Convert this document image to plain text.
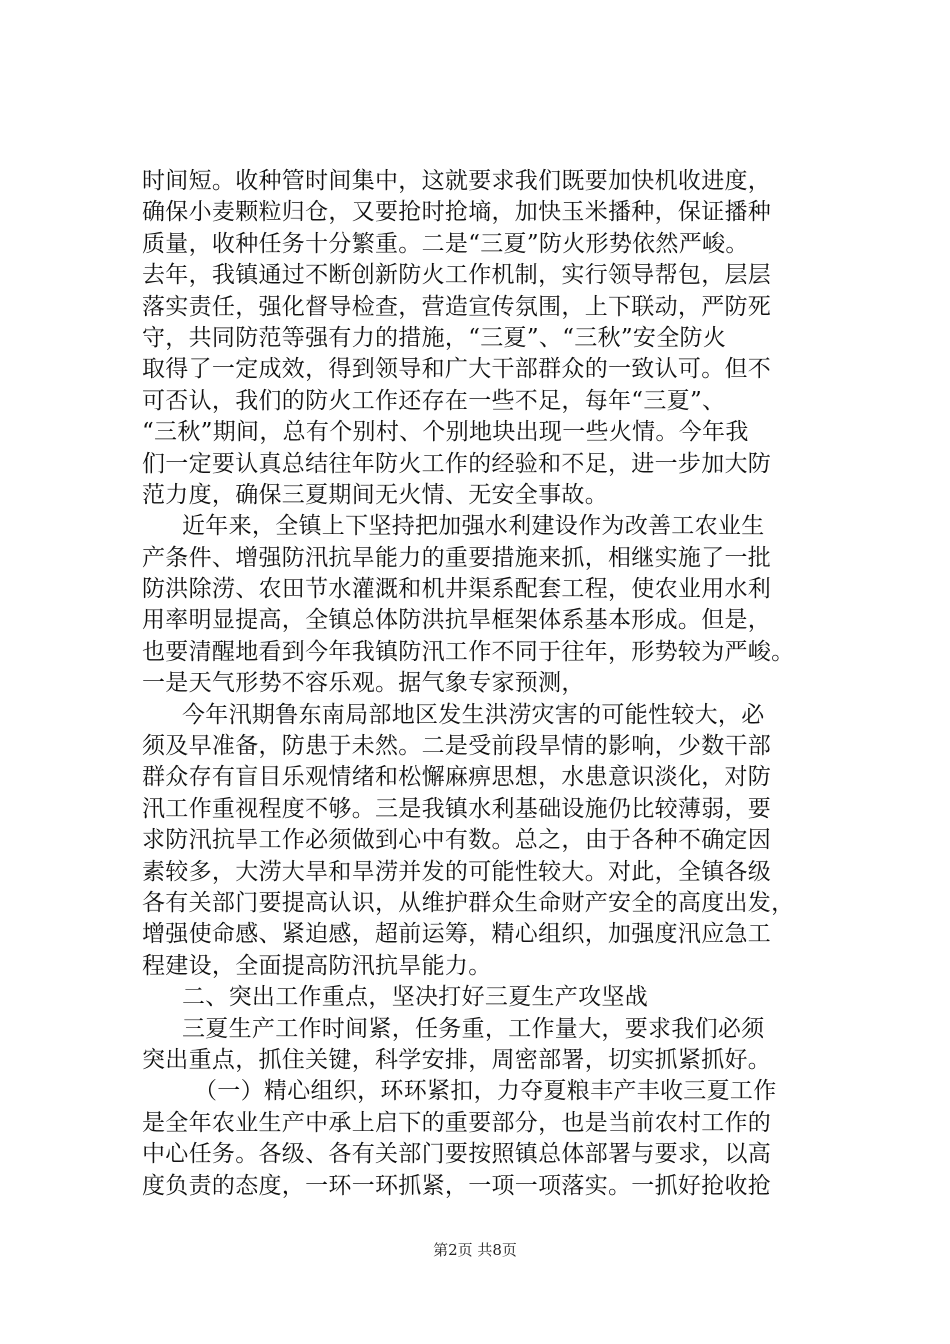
时间短。收种管时间集中，这就要求我们既要加快机收进度，
确保小麦颗粒归仓，又要抢时抢墒，加快玉米播种，保证播种
质量，收种任务十分繁重。二是“三夏”防火形势依然严峻。
去年，我镇通过不断创新防火工作机制，实行领导帮包，层层
落实责任，强化督导检查，营造宣传氛围，上下联动，严防死
守，共同防范等强有力的措施，“三夏”、“三秋”安全防火
取得了一定成效，得到领导和广大干部群众的一致认可。但不
可否认，我们的防火工作还存在一些不足，每年“三夏”、
“三秋”期间，总有个别村、个别地块出现一些火情。今年我
们一定要认真总结往年防火工作的经验和不足，进一步加大防
范力度，确保三夏期间无火情、无安全事故。
近年来，全镇上下坚持把加强水利建设作为改善工农业生
产条件、增强防汛抗旱能力的重要措施来抓，相继实施了一批
防洪除涝、农田节水灌溉和机井渠系配套工程，使农业用水利
用率明显提高，全镇总体防洪抗旱框架体系基本形成。但是，
也要清醒地看到今年我镇防汛工作不同于往年，形势较为严峻。
一是天气形势不容乐观。据气象专家预测，
今年汛期鲁东南局部地区发生洪涝灾害的可能性较大，必
须及早准备，防患于未然。二是受前段旱情的影响，少数干部
群众存有盲目乐观情绪和松懈麻痹思想，水患意识淡化，对防
汛工作重视程度不够。三是我镇水利基础设施仍比较薄弱，要
求防汛抗旱工作必须做到心中有数。总之，由于各种不确定因
素较多，大涝大旱和旱涝并发的可能性较大。对此，全镇各级
各有关部门要提高认识，从维护群众生命财产安全的高度出发，
增强使命感、紧迫感，超前运筹，精心组织，加强度汛应急工
程建设，全面提高防汛抗旱能力。
二、突出工作重点，坚决打好三夏生产攻坚战
三夏生产工作时间紧，任务重，工作量大，要求我们必须
突出重点，抓住关键，科学安排，周密部署，切实抓紧抓好。
（一）精心组织，环环紧扣，力夺夏粮丰产丰收三夏工作
是全年农业生产中承上启下的重要部分，也是当前农村工作的
中心任务。各级、各有关部门要按照镇总体部署与要求，以高
度负责的态度，一环一环抓紧，一项一项落实。一抓好抢收抢
第2页 共8页
